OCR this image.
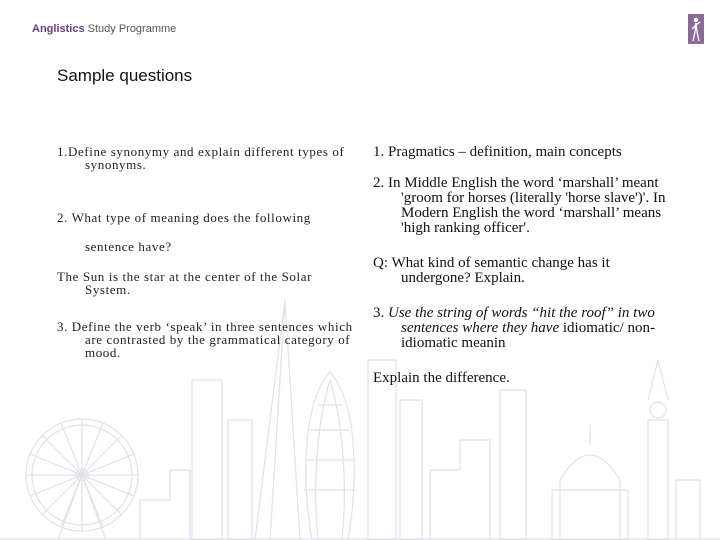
Anglistics Study Programme
Sample questions

1.Define synonymy and explain different types of synonyms.

2. What type of meaning does the following

sentence have?

The Sun is the star at the center of the Solar System.

3. Define the verb ‘speak’ in three sentences which are contrasted by the grammatical category of mood.

1. Pragmatics – definition, main concepts

2. In Middle English the word ‘marshall’ meant 'groom for horses (literally 'horse slave')'. In Modern English the word ‘marshall’ means 'high ranking officer'.

Q: What kind of semantic change has it undergone? Explain.

3. Use the string of words “hit the roof” in two sentences where they have idiomatic/ non-idiomatic meanin

Explain the difference.
